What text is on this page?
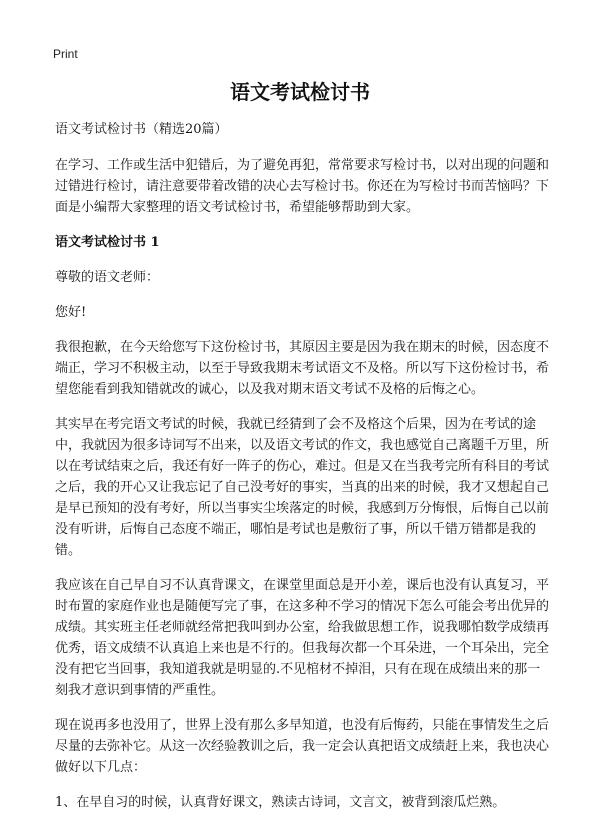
Print
语文考试检讨书

语文考试检讨书（精选20篇）

在学习、工作或生活中犯错后，为了避免再犯，常常要求写检讨书，以对出现的问题和过错进行检讨，请注意要带着改错的决心去写检讨书。你还在为写检讨书而苦恼吗？下面是小编帮大家整理的语文考试检讨书，希望能够帮助到大家。

语文考试检讨书 1

尊敬的语文老师：

您好!

我很抱歉，在今天给您写下这份检讨书，其原因主要是因为我在期末的时候，因态度不端正，学习不积极主动，以至于导致我期末考试语文不及格。所以写下这份检讨书，希望您能看到我知错就改的诚心，以及我对期末语文考试不及格的后悔之心。

其实早在考完语文考试的时候，我就已经猜到了会不及格这个后果，因为在考试的途中，我就因为很多诗词写不出来，以及语文考试的作文，我也感觉自己离题千万里，所以在考试结束之后，我还有好一阵子的伤心，难过。但是又在当我考完所有科目的考试之后，我的开心又让我忘记了自己没考好的事实，当真的出来的时候，我才又想起自己是早已预知的没有考好，所以当事实尘埃落定的时候，我感到万分悔恨，后悔自己以前没有听讲，后悔自己态度不端正，哪怕是考试也是敷衍了事，所以千错万错都是我的错。

我应该在自己早自习不认真背课文，在课堂里面总是开小差，课后也没有认真复习，平时布置的家庭作业也是随便写完了事，在这多种不学习的情况下怎么可能会考出优异的成绩。其实班主任老师就经常把我叫到办公室，给我做思想工作，说我哪怕数学成绩再优秀，语文成绩不认真追上来也是不行的。但我每次都一个耳朵进，一个耳朵出，完全没有把它当回事，我知道我就是明显的.不见棺材不掉泪，只有在现在成绩出来的那一刻我才意识到事情的严重性。

现在说再多也没用了，世界上没有那么多早知道，也没有后悔药，只能在事情发生之后尽量的去弥补它。从这一次经验教训之后，我一定会认真把语文成绩赶上来，我也决心做好以下几点：

1、在早自习的时候，认真背好课文，熟读古诗词，文言文，被背到滚瓜烂熟。
